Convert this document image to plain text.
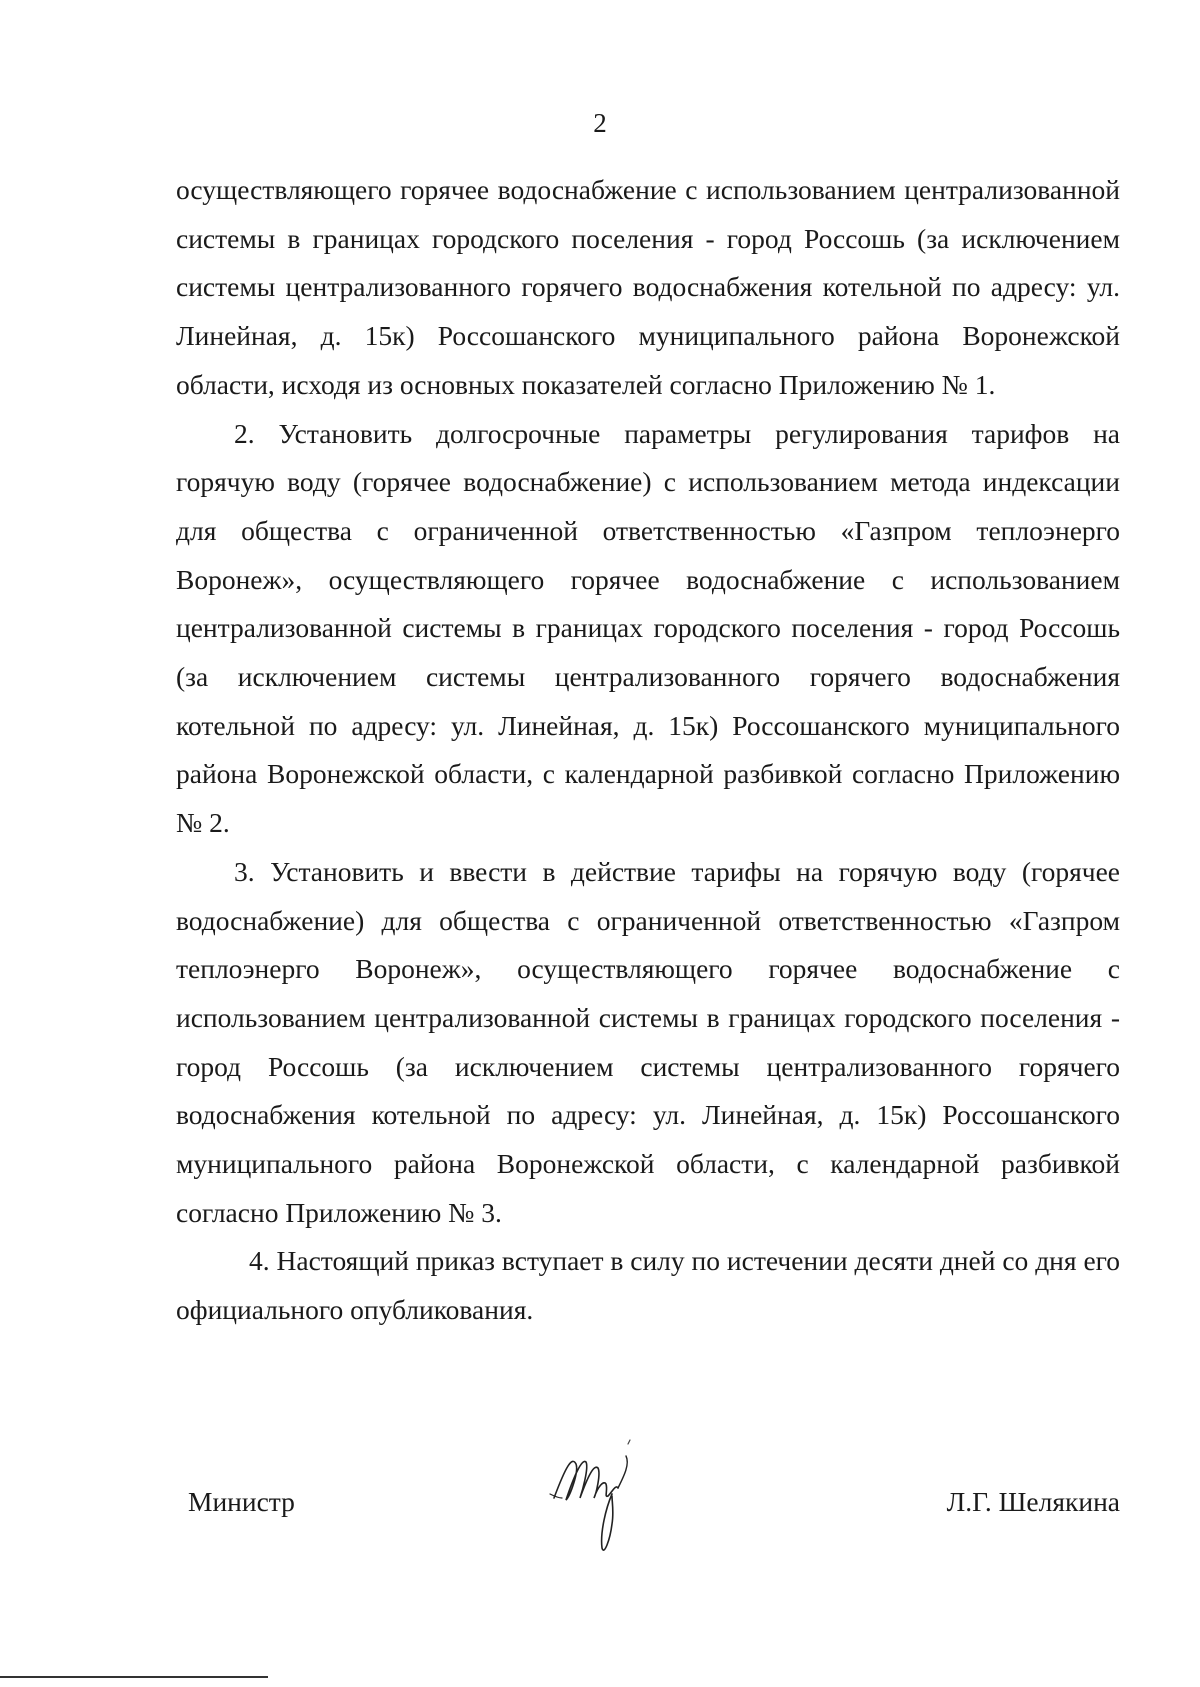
2

осуществляющего горячее водоснабжение с использованием централизованной системы в границах городского поселения - город Россошь (за исключением системы централизованного горячего водоснабжения котельной по адресу: ул. Линейная, д. 15к) Россошанского муниципального района Воронежской области, исходя из основных показателей согласно Приложению № 1.

2. Установить долгосрочные параметры регулирования тарифов на горячую воду (горячее водоснабжение) с использованием метода индексации для общества с ограниченной ответственностью «Газпром теплоэнерго Воронеж», осуществляющего горячее водоснабжение с использованием централизованной системы в границах городского поселения - город Россошь (за исключением системы централизованного горячего водоснабжения котельной по адресу: ул. Линейная, д. 15к) Россошанского муниципального района Воронежской области, с календарной разбивкой согласно Приложению № 2.

3. Установить и ввести в действие тарифы на горячую воду (горячее водоснабжение) для общества с ограниченной ответственностью «Газпром теплоэнерго Воронеж», осуществляющего горячее водоснабжение с использованием централизованной системы в границах городского поселения - город Россошь (за исключением системы централизованного горячего водоснабжения котельной по адресу: ул. Линейная, д. 15к) Россошанского муниципального района Воронежской области, с календарной разбивкой согласно Приложению № 3.

4. Настоящий приказ вступает в силу по истечении десяти дней со дня его официального опубликования.

Министр	Л.Г. Шелякина
